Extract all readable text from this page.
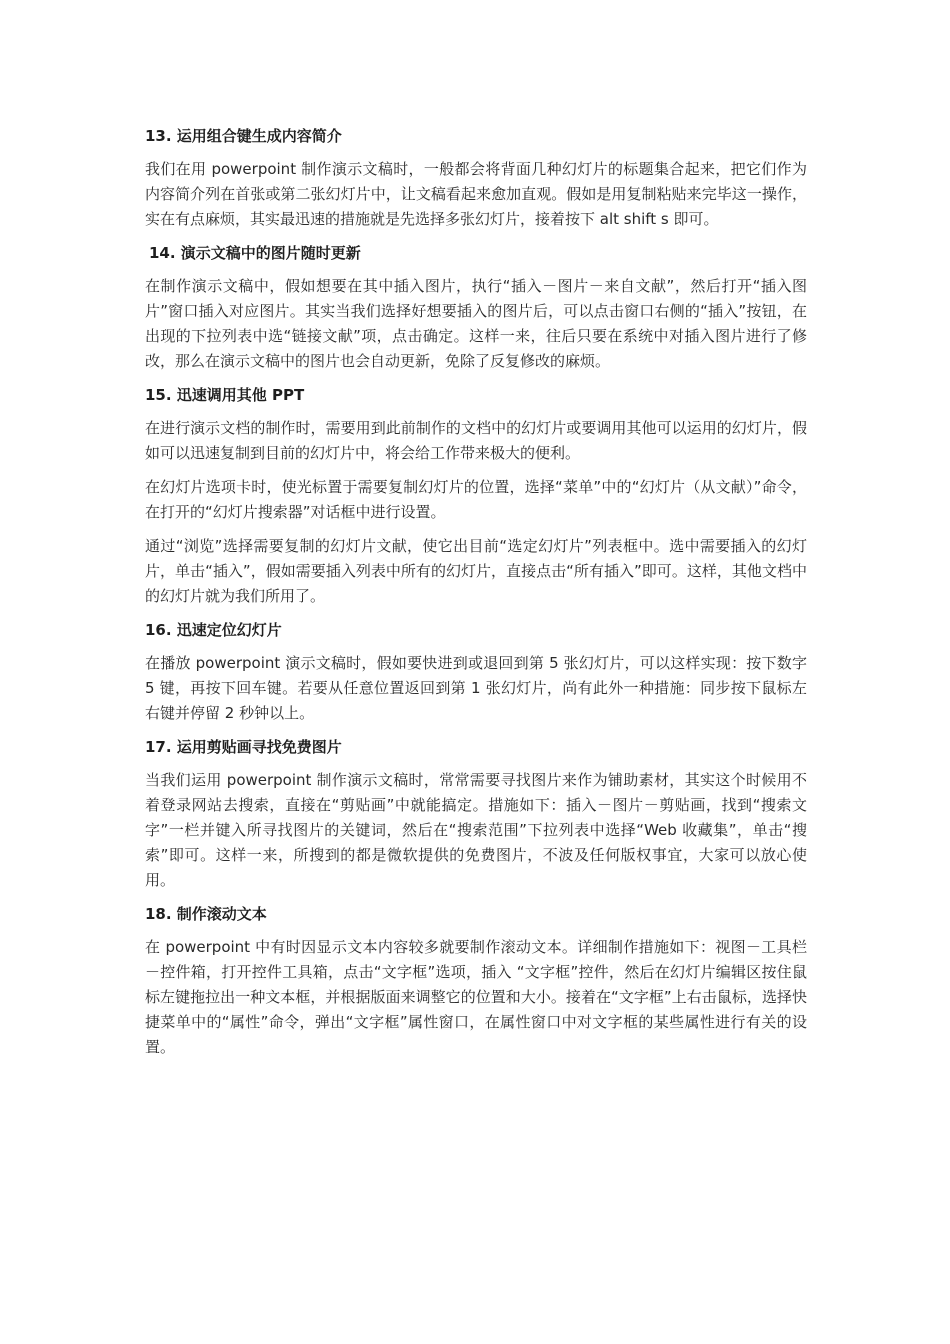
13. 运用组合键生成内容简介

我们在用 powerpoint 制作演示文稿时，一般都会将背面几种幻灯片的标题集合起来，把它们作为内容简介列在首张或第二张幻灯片中，让文稿看起来愈加直观。假如是用复制粘贴来完毕这一操作，实在有点麻烦，其实最迅速的措施就是先选择多张幻灯片，接着按下 alt shift s 即可。

14. 演示文稿中的图片随时更新

在制作演示文稿中，假如想要在其中插入图片，执行“插入－图片－来自文献”，然后打开“插入图片”窗口插入对应图片。其实当我们选择好想要插入的图片后，可以点击窗口右侧的“插入”按钮，在出现的下拉列表中选“链接文献”项，点击确定。这样一来，往后只要在系统中对插入图片进行了修改，那么在演示文稿中的图片也会自动更新，免除了反复修改的麻烦。

15. 迅速调用其他 PPT

在进行演示文档的制作时，需要用到此前制作的文档中的幻灯片或要调用其他可以运用的幻灯片，假如可以迅速复制到目前的幻灯片中，将会给工作带来极大的便利。

在幻灯片选项卡时，使光标置于需要复制幻灯片的位置，选择“菜单”中的“幻灯片（从文献）”命令，在打开的“幻灯片搜索器”对话框中进行设置。

通过“浏览”选择需要复制的幻灯片文献，使它出目前“选定幻灯片”列表框中。选中需要插入的幻灯片，单击“插入”，假如需要插入列表中所有的幻灯片，直接点击“所有插入”即可。这样，其他文档中的幻灯片就为我们所用了。

16. 迅速定位幻灯片

在播放 powerpoint 演示文稿时，假如要快进到或退回到第 5 张幻灯片，可以这样实现：按下数字 5 键，再按下回车键。若要从任意位置返回到第 1 张幻灯片，尚有此外一种措施：同步按下鼠标左右键并停留 2 秒钟以上。

17. 运用剪贴画寻找免费图片

当我们运用 powerpoint 制作演示文稿时，常常需要寻找图片来作为铺助素材，其实这个时候用不着登录网站去搜索，直接在“剪贴画”中就能搞定。措施如下：插入－图片－剪贴画，找到“搜索文字”一栏并键入所寻找图片的关键词，然后在“搜索范围”下拉列表中选择“Web 收藏集”，单击“搜索”即可。这样一来，所搜到的都是微软提供的免费图片，不波及任何版权事宜，大家可以放心使用。

18. 制作滚动文本

在 powerpoint 中有时因显示文本内容较多就要制作滚动文本。详细制作措施如下：视图－工具栏－控件箱，打开控件工具箱，点击“文字框”选项，插入 “文字框”控件，然后在幻灯片编辑区按住鼠标左键拖拉出一种文本框，并根据版面来调整它的位置和大小。接着在“文字框”上右击鼠标，选择快捷菜单中的“属性”命令，弹出“文字框”属性窗口，在属性窗口中对文字框的某些属性进行有关的设置。
